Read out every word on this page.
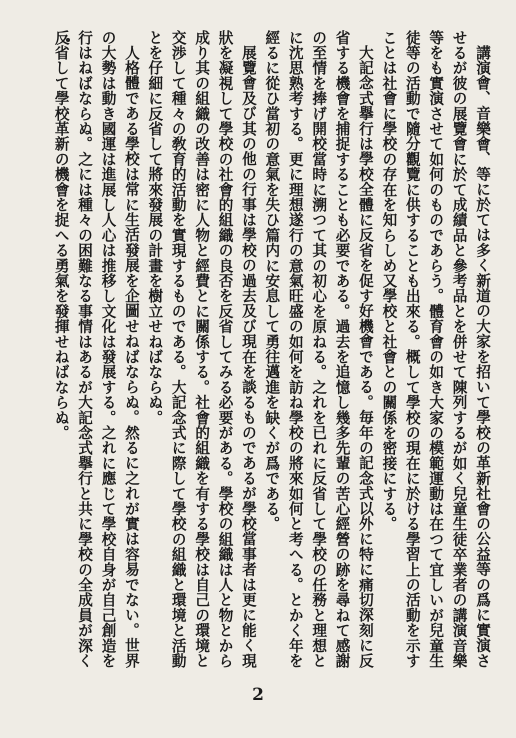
講演會、音樂會、等に於ては多く新道の大家を招いて學校の革新社會の公益等の爲に實演させるが彼の展覽會に於て成績品と參考品とを併せて陳列するが如く兒童生徒卒業者の講演音樂等をも實演させて如何のものであらう。體育會の如き大家の模範運動は在つて宜しいが兒童生徒等の活動で隨分觀覽に供することも出來る。概して學校の現在に於ける學習上の活動を示すことは社會に學校の存在を知らしめ又學校と社會との關係を密接にする。

大記念式擧行は學校全體に反省を促す好機會である。毎年の記念式以外に特に痛切深刻に反省する機會を捕捉することも必要である。過去を追憶し幾多先輩の苦心經營の跡を尋ねて感謝の至情を捧げ開校當時に溯つて其の初心を原ねる。之れを已れに反省して學校の任務と理想とに沈思熟考する。更に理想遂行の意氣旺盛の如何を訪ね學校の將來如何と考へる。とかく年を經るに從ひ當初の意氣を失ひ篇内に安息して勇往邁進を缺くが爲である。

展覽會及び其の他の行事は學校の過去及び現在を談るものであるが學校當事者は更に能く現狀を凝視して學校の社會的組織の良否を反省してみる必要がある。學校の組織は人と物とから成り其の組織の改善は密に人物と經費とに關係する。社會的組織を有する學校は自己の環境と交渉して種々の敎育的活動を實現するものである。大記念式に際して學校の組織と環境と活動とを仔細に反省して將來發展の計畫を樹立せねばならぬ。

人格體である學校は常に生活發展を企圖せねばならぬ。然るに之れが實は容易でない。世界の大勢は動き國運は進展し人心は推移し文化は發展する。之れに應じて學校自身が自己創造を行はねばならぬ。之には種々の困難なる事情はあるが大記念式擧行と共に學校の全成員が深く反省して學校革新の機會を捉へる勇氣を發揮せねばならぬ。

2
